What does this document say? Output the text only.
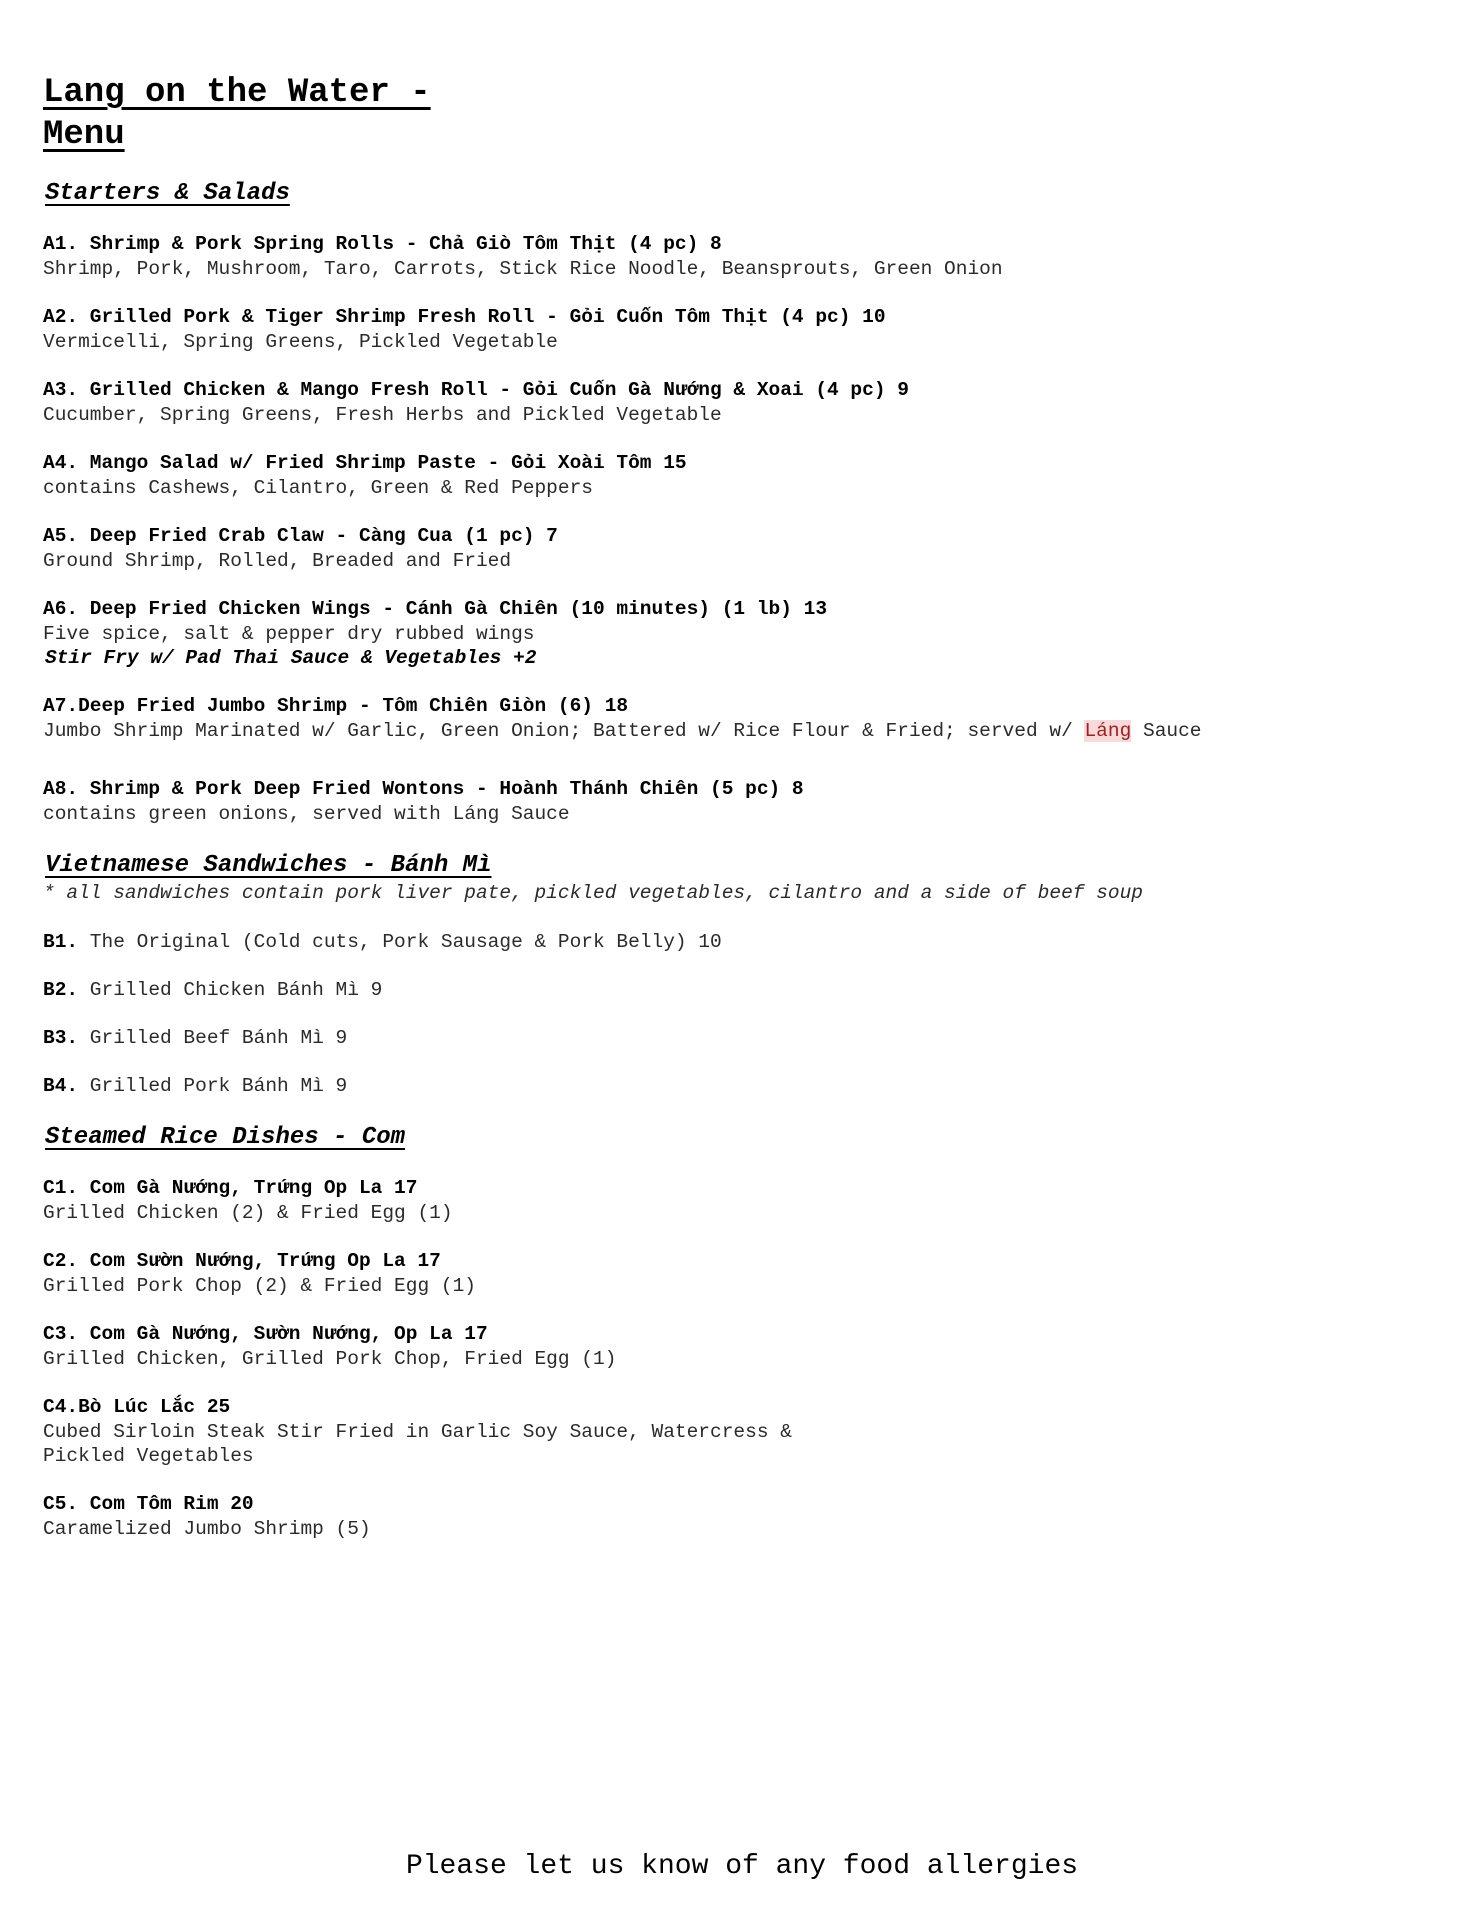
Lang on the Water -
Menu
Starters & Salads

A1. Shrimp & Pork Spring Rolls - Chả Giò Tôm Thịt (4 pc) 8

Shrimp, Pork, Mushroom, Taro, Carrots, Stick Rice Noodle, Beansprouts, Green Onion

A2. Grilled Pork & Tiger Shrimp Fresh Roll - Gỏi Cuốn Tôm Thịt (4 pc) 10

Vermicelli, Spring Greens, Pickled Vegetable

A3. Grilled Chicken & Mango Fresh Roll - Gỏi Cuốn Gà Nướng & Xoai (4 pc) 9

Cucumber, Spring Greens, Fresh Herbs and Pickled Vegetable

A4. Mango Salad w/ Fried Shrimp Paste - Gỏi Xoài Tôm 15

contains Cashews, Cilantro, Green & Red Peppers

A5. Deep Fried Crab Claw - Càng Cua (1 pc) 7

Ground Shrimp, Rolled, Breaded and Fried

A6. Deep Fried Chicken Wings - Cánh Gà Chiên (10 minutes) (1 lb) 13

Five spice, salt & pepper dry rubbed wings

Stir Fry w/ Pad Thai Sauce & Vegetables +2

A7.Deep Fried Jumbo Shrimp - Tôm Chiên Giòn (6) 18

Jumbo Shrimp Marinated w/ Garlic, Green Onion; Battered w/ Rice Flour & Fried; served w/ Láng Sauce

A8. Shrimp & Pork Deep Fried Wontons - Hoành Thánh Chiên (5 pc) 8

contains green onions, served with Láng Sauce

Vietnamese Sandwiches - Bánh Mì

* all sandwiches contain pork liver pate, pickled vegetables, cilantro and a side of beef soup

B1. The Original (Cold cuts, Pork Sausage & Pork Belly) 10

B2. Grilled Chicken Bánh Mì 9

B3. Grilled Beef Bánh Mì 9

B4. Grilled Pork Bánh Mì 9

Steamed Rice Dishes - Com

C1. Com Gà Nướng, Trứng Op La 17

Grilled Chicken (2) & Fried Egg (1)

C2. Com Sườn Nướng, Trứng Op La 17

Grilled Pork Chop (2) & Fried Egg (1)

C3. Com Gà Nướng, Sườn Nướng, Op La 17

Grilled Chicken, Grilled Pork Chop, Fried Egg (1)

C4.Bò Lúc Lắc 25

Cubed Sirloin Steak Stir Fried in Garlic Soy Sauce, Watercress &

Pickled Vegetables

C5. Com Tôm Rim 20

Caramelized Jumbo Shrimp (5)

Please let us know of any food allergies
